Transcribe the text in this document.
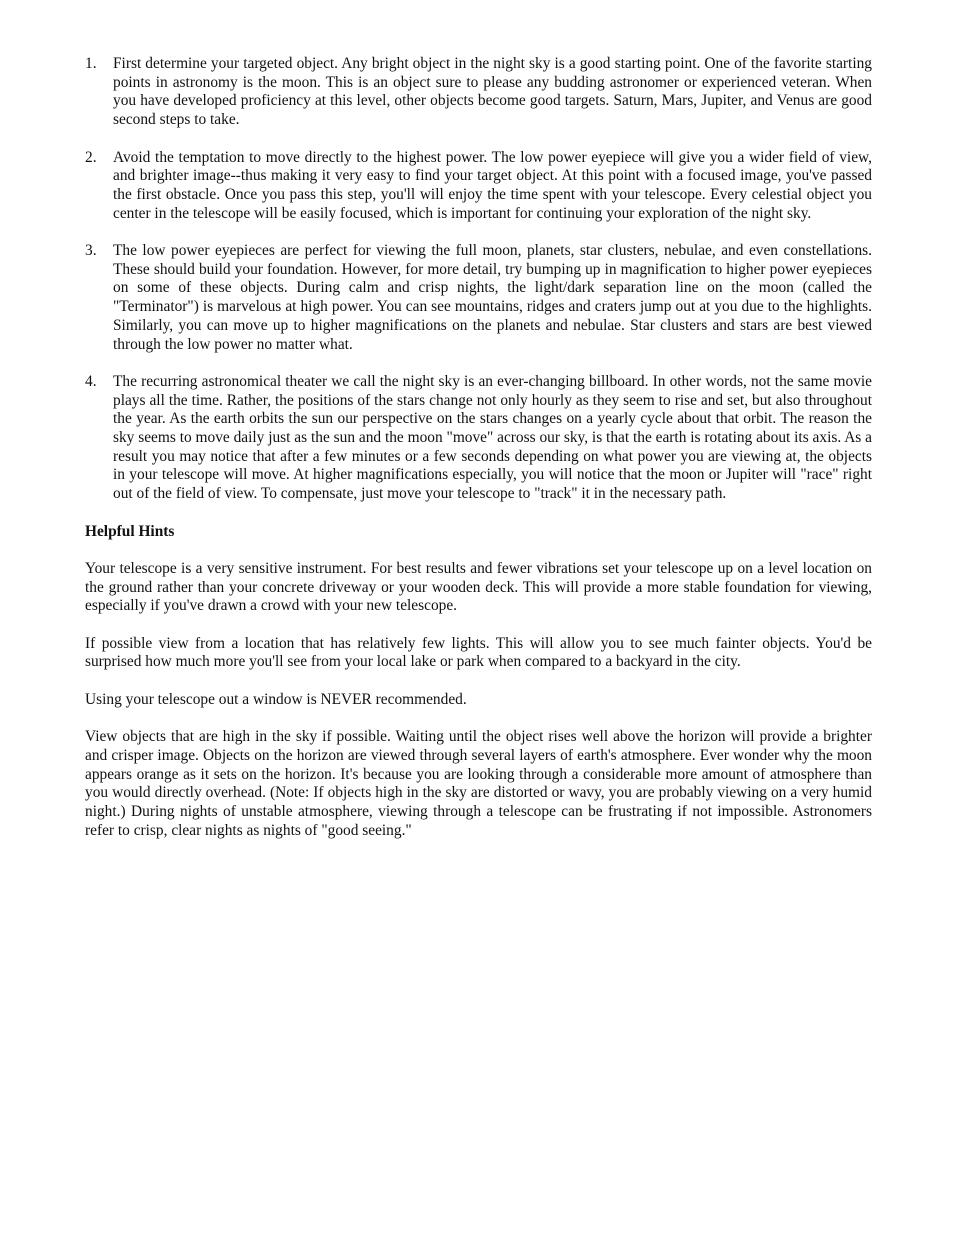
1. First determine your targeted object. Any bright object in the night sky is a good starting point. One of the favorite starting points in astronomy is the moon. This is an object sure to please any budding astronomer or experienced veteran. When you have developed proficiency at this level, other objects become good targets. Saturn, Mars, Jupiter, and Venus are good second steps to take.
2. Avoid the temptation to move directly to the highest power. The low power eyepiece will give you a wider field of view, and brighter image--thus making it very easy to find your target object. At this point with a focused image, you've passed the first obstacle. Once you pass this step, you'll will enjoy the time spent with your telescope. Every celestial object you center in the telescope will be easily focused, which is important for continuing your exploration of the night sky.
3. The low power eyepieces are perfect for viewing the full moon, planets, star clusters, nebulae, and even constellations. These should build your foundation. However, for more detail, try bumping up in magnification to higher power eyepieces on some of these objects. During calm and crisp nights, the light/dark separation line on the moon (called the "Terminator") is marvelous at high power. You can see mountains, ridges and craters jump out at you due to the highlights. Similarly, you can move up to higher magnifications on the planets and nebulae. Star clusters and stars are best viewed through the low power no matter what.
4. The recurring astronomical theater we call the night sky is an ever-changing billboard. In other words, not the same movie plays all the time. Rather, the positions of the stars change not only hourly as they seem to rise and set, but also throughout the year. As the earth orbits the sun our perspective on the stars changes on a yearly cycle about that orbit. The reason the sky seems to move daily just as the sun and the moon "move" across our sky, is that the earth is rotating about its axis. As a result you may notice that after a few minutes or a few seconds depending on what power you are viewing at, the objects in your telescope will move. At higher magnifications especially, you will notice that the moon or Jupiter will "race" right out of the field of view. To compensate, just move your telescope to "track" it in the necessary path.
Helpful Hints

Your telescope is a very sensitive instrument. For best results and fewer vibrations set your telescope up on a level location on the ground rather than your concrete driveway or your wooden deck. This will provide a more stable foundation for viewing, especially if you've drawn a crowd with your new telescope.

If possible view from a location that has relatively few lights. This will allow you to see much fainter objects. You'd be surprised how much more you'll see from your local lake or park when compared to a backyard in the city.

Using your telescope out a window is NEVER recommended.

View objects that are high in the sky if possible. Waiting until the object rises well above the horizon will provide a brighter and crisper image. Objects on the horizon are viewed through several layers of earth's atmosphere. Ever wonder why the moon appears orange as it sets on the horizon. It's because you are looking through a considerable more amount of atmosphere than you would directly overhead. (Note: If objects high in the sky are distorted or wavy, you are probably viewing on a very humid night.) During nights of unstable atmosphere, viewing through a telescope can be frustrating if not impossible. Astronomers refer to crisp, clear nights as nights of "good seeing."
